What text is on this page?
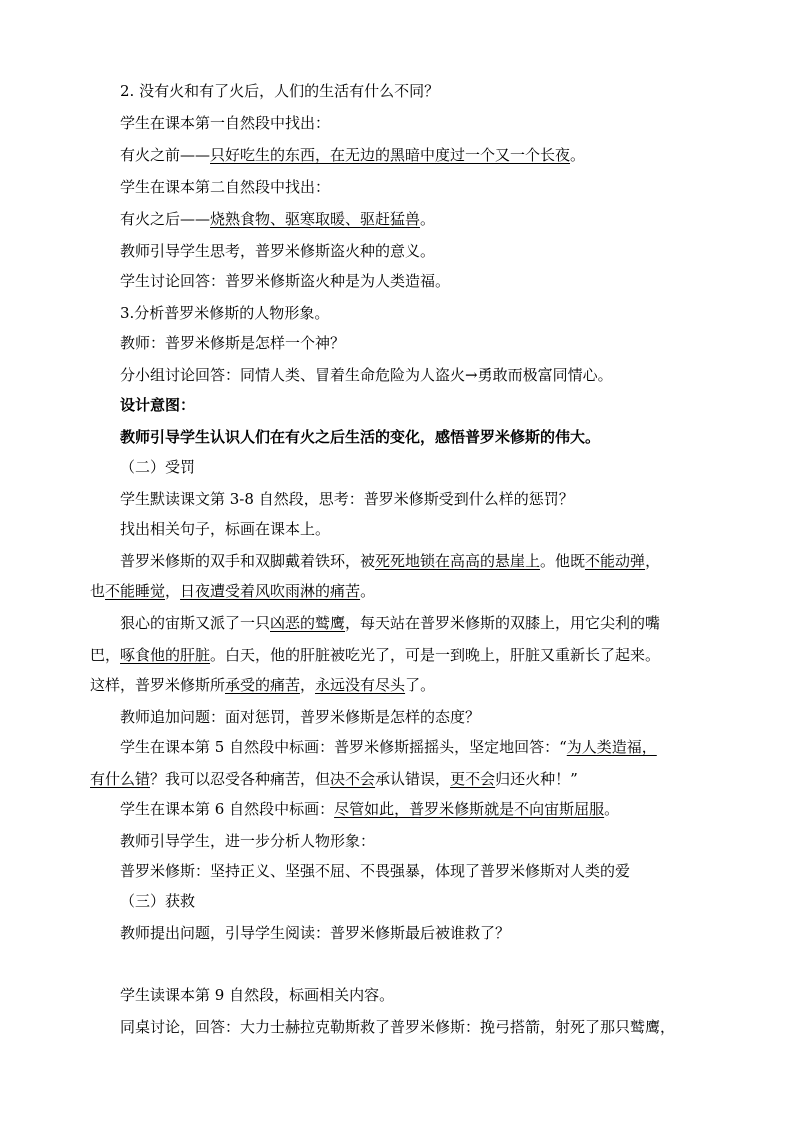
2. 没有火和有了火后，人们的生活有什么不同？
学生在课本第一自然段中找出：
有火之前——只好吃生的东西，在无边的黑暗中度过一个又一个长夜。
学生在课本第二自然段中找出：
有火之后——烧熟食物、驱寒取暖、驱赶猛兽。
教师引导学生思考，普罗米修斯盗火种的意义。
学生讨论回答：普罗米修斯盗火种是为人类造福。
3.分析普罗米修斯的人物形象。
教师：普罗米修斯是怎样一个神？
分小组讨论回答：同情人类、冒着生命危险为人盗火→勇敢而极富同情心。
设计意图：
教师引导学生认识人们在有火之后生活的变化，感悟普罗米修斯的伟大。
（二）受罚
学生默读课文第 3-8 自然段，思考：普罗米修斯受到什么样的惩罚？
找出相关句子，标画在课本上。
普罗米修斯的双手和双脚戴着铁环，被死死地锁在高高的悬崖上。他既不能动弹，
也不能睡觉，日夜遭受着风吹雨淋的痛苦。
狠心的宙斯又派了一只凶恶的鹫鹰，每天站在普罗米修斯的双膝上，用它尖利的嘴
巴，啄食他的肝脏。白天，他的肝脏被吃光了，可是一到晚上，肝脏又重新长了起来。
这样，普罗米修斯所承受的痛苦，永远没有尽头了。
教师追加问题：面对惩罚，普罗米修斯是怎样的态度？
学生在课本第 5 自然段中标画：普罗米修斯摇摇头，坚定地回答：“为人类造福，
有什么错？我可以忍受各种痛苦，但决不会承认错误，更不会归还火种！”
学生在课本第 6 自然段中标画：尽管如此，普罗米修斯就是不向宙斯屈服。
教师引导学生，进一步分析人物形象：
普罗米修斯：坚持正义、坚强不屈、不畏强暴，体现了普罗米修斯对人类的爱
（三）获救
教师提出问题，引导学生阅读：普罗米修斯最后被谁救了？
学生读课本第 9 自然段，标画相关内容。
同桌讨论，回答：大力士赫拉克勒斯救了普罗米修斯：挽弓搭箭，射死了那只鹫鹰，
